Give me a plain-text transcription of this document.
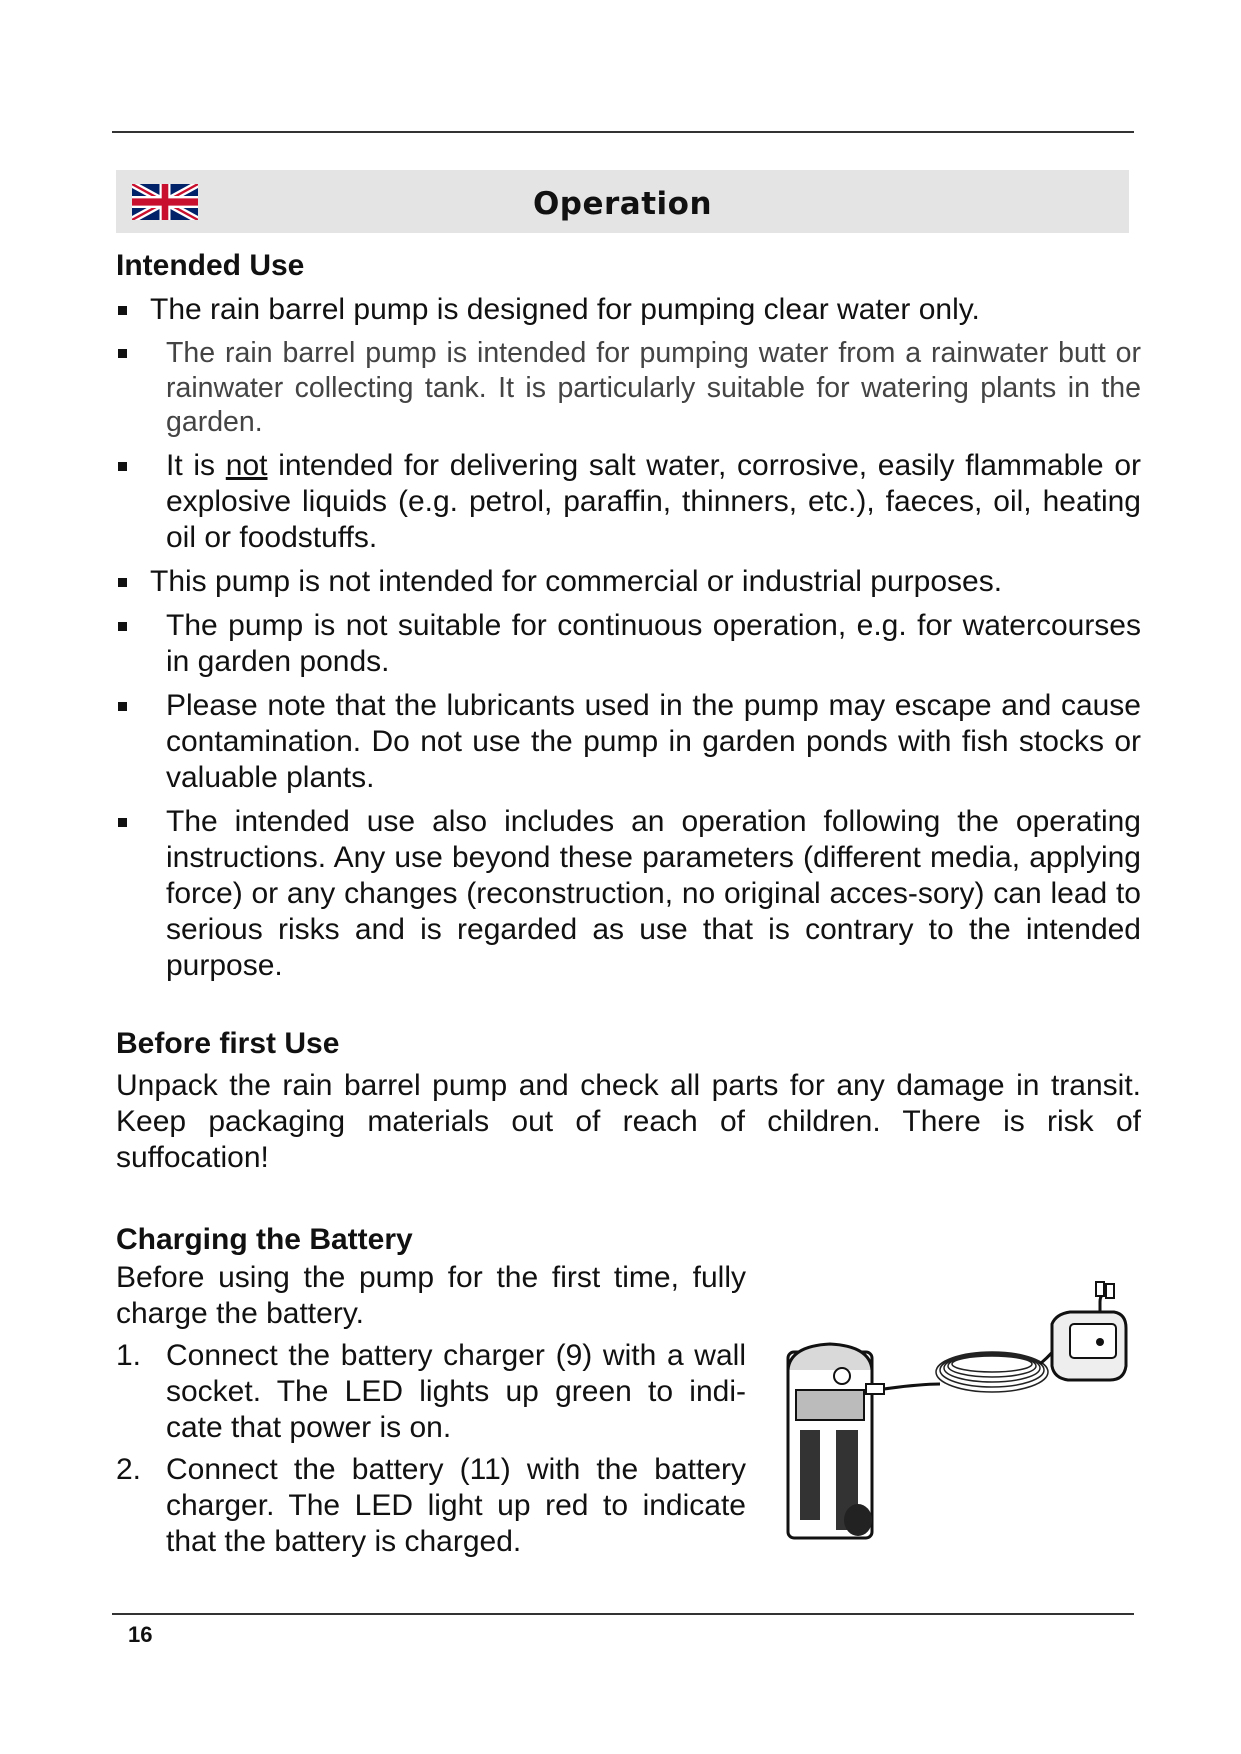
Operation
Intended Use
The rain barrel pump is designed for pumping clear water only.
The rain barrel pump is intended for pumping water from a rainwater butt or rainwater collecting tank. It is particularly suitable for watering plants in the garden.
It is not intended for delivering salt water, corrosive, easily flammable or explosive liquids (e.g. petrol, paraffin, thinners, etc.), faeces, oil, heating oil or foodstuffs.
This pump is not intended for commercial or industrial purposes.
The pump is not suitable for continuous operation, e.g. for watercourses in garden ponds.
Please note that the lubricants used in the pump may escape and cause contamination. Do not use the pump in garden ponds with fish stocks or valuable plants.
The intended use also includes an operation following the operating instructions. Any use beyond these parameters (different media, applying force) or any changes (reconstruction, no original acces-sory) can lead to serious risks and is regarded as use that is contrary to the intended purpose.
Before first Use

Unpack the rain barrel pump and check all parts for any damage in transit. Keep packaging materials out of reach of children. There is risk of suffocation!

Charging the Battery

Before using the pump for the first time, fully charge the battery.

1. Connect the battery charger (9) with a wall socket. The LED lights up green to indi-cate that power is on.
2. Connect the battery (11) with the battery charger. The LED light up red to indicate that the battery is charged.
16
